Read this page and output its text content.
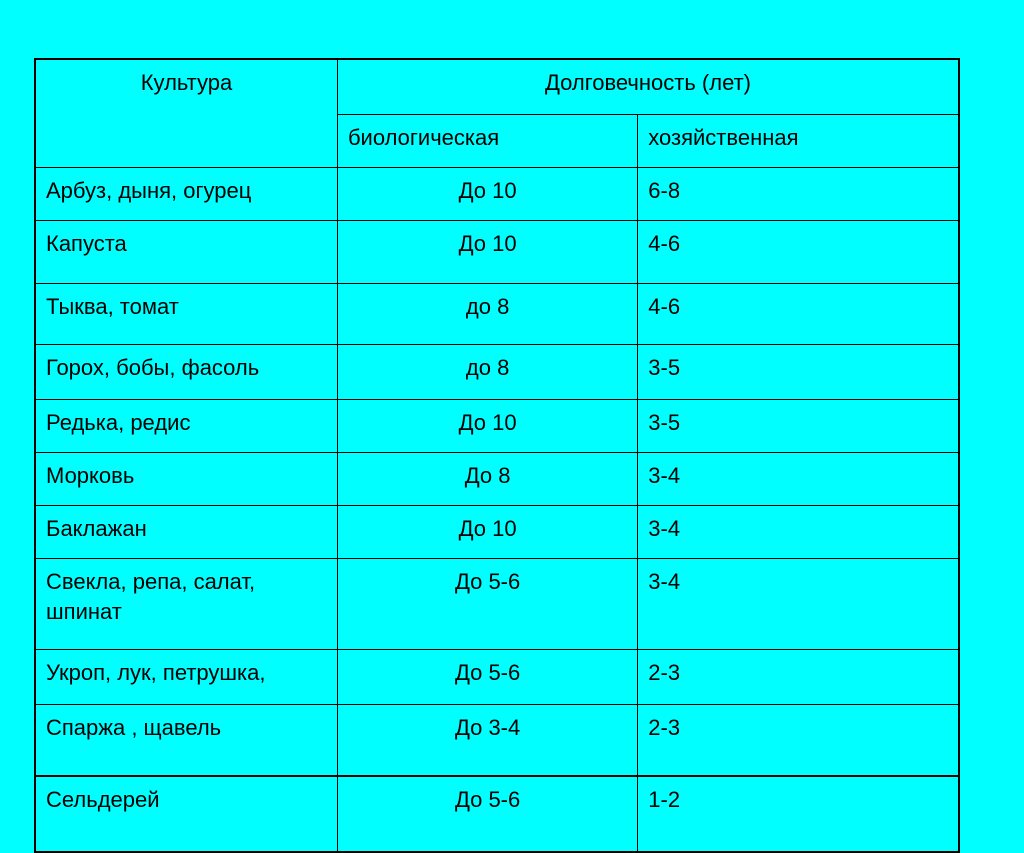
Культура	Долговечность (лет)	
	биологическая	хозяйственная
Арбуз, дыня, огурец	До 10	6-8
Капуста	До 10	4-6
Тыква, томат	до 8	4-6
Горох, бобы, фасоль	до 8	3-5
Редька, редис	До 10	3-5
Морковь	До 8	3-4
Баклажан	До 10	3-4
Свекла, репа, салат, шпинат	До 5-6	3-4
Укроп, лук, петрушка,	До 5-6	2-3
Спаржа , щавель	До 3-4	2-3
Сельдерей	До 5-6	1-2
